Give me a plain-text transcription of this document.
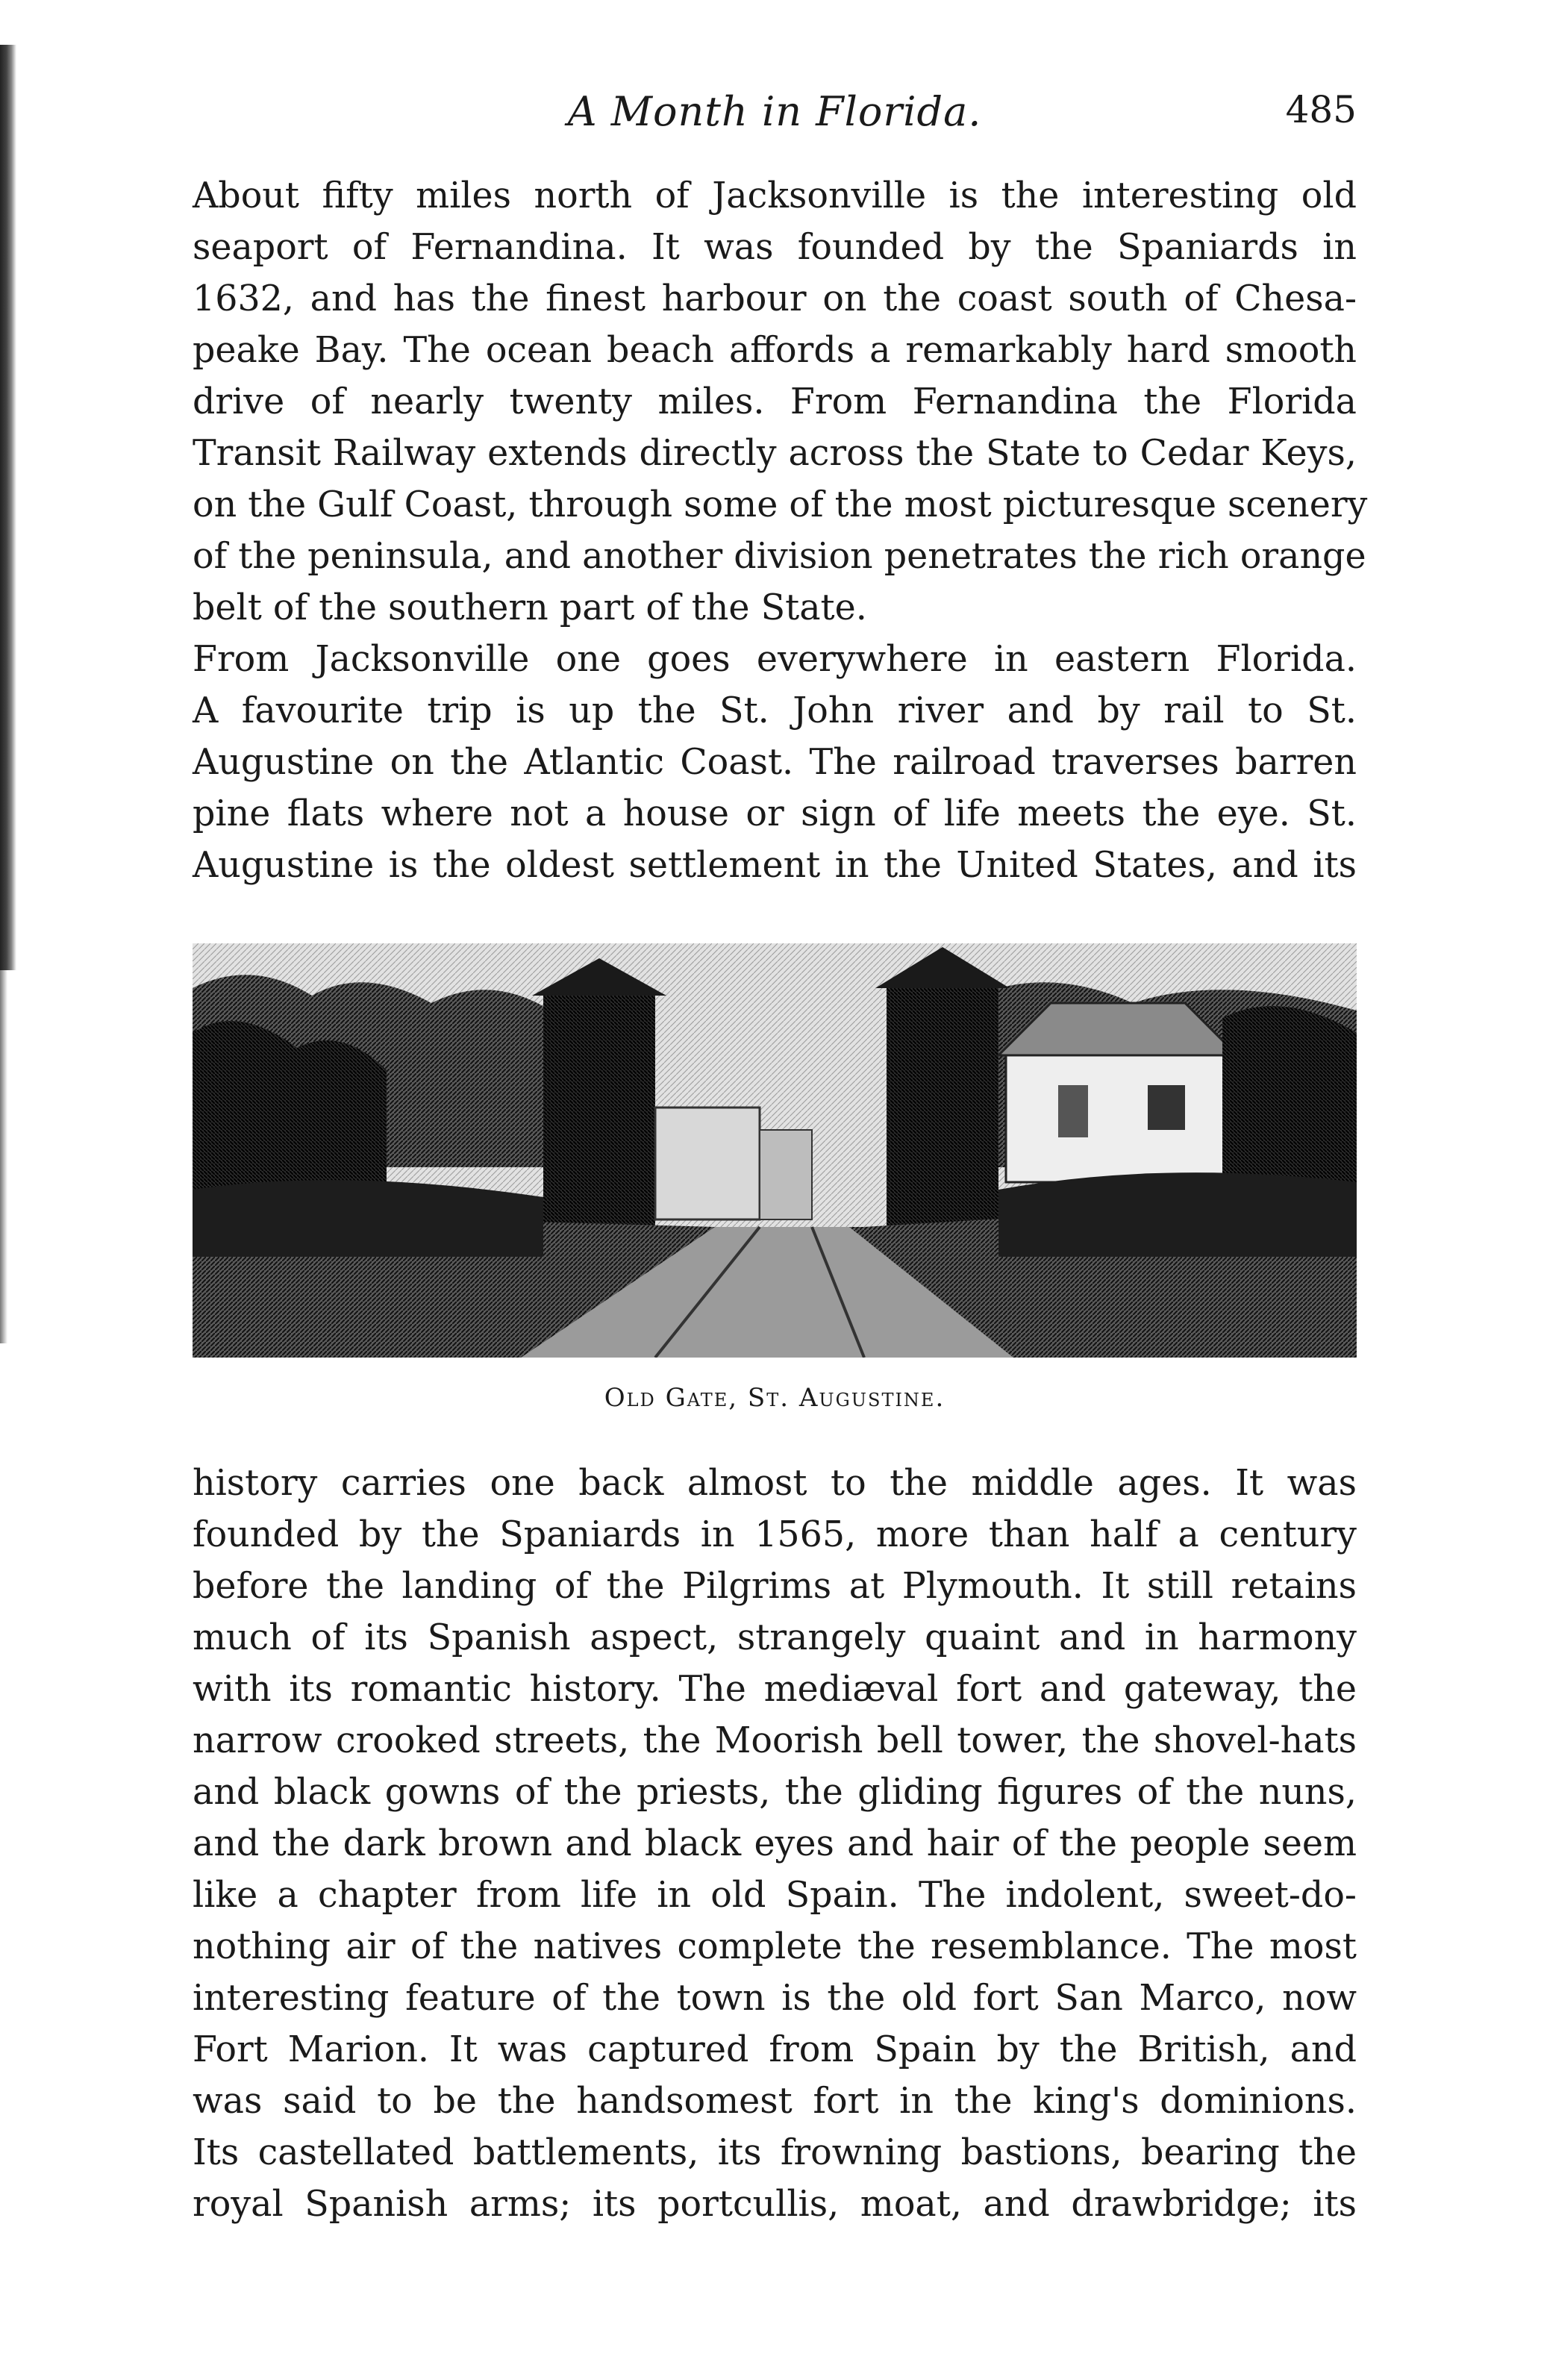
A Month in Florida.	485

About fifty miles north of Jacksonville is the interesting old
seaport of Fernandina. It was founded by the Spaniards in
1632, and has the finest harbour on the coast south of Chesa-
peake Bay. The ocean beach affords a remarkably hard smooth
drive of nearly twenty miles. From Fernandina the Florida
Transit Railway extends directly across the State to Cedar Keys,
on the Gulf Coast, through some of the most picturesque scenery
of the peninsula, and another division penetrates the rich orange
belt of the southern part of the State.

From Jacksonville one goes everywhere in eastern Florida.
A favourite trip is up the St. John river and by rail to St.
Augustine on the Atlantic Coast. The railroad traverses barren
pine flats where not a house or sign of life meets the eye. St.
Augustine is the oldest settlement in the United States, and its

Old Gate, St. Augustine.

history carries one back almost to the middle ages. It was
founded by the Spaniards in 1565, more than half a century
before the landing of the Pilgrims at Plymouth. It still retains
much of its Spanish aspect, strangely quaint and in harmony
with its romantic history. The mediæval fort and gateway, the
narrow crooked streets, the Moorish bell tower, the shovel-hats
and black gowns of the priests, the gliding figures of the nuns,
and the dark brown and black eyes and hair of the people seem
like a chapter from life in old Spain. The indolent, sweet-do-
nothing air of the natives complete the resemblance. The most
interesting feature of the town is the old fort San Marco, now
Fort Marion. It was captured from Spain by the British, and
was said to be the handsomest fort in the king's dominions.
Its castellated battlements, its frowning bastions, bearing the
royal Spanish arms; its portcullis, moat, and drawbridge; its
